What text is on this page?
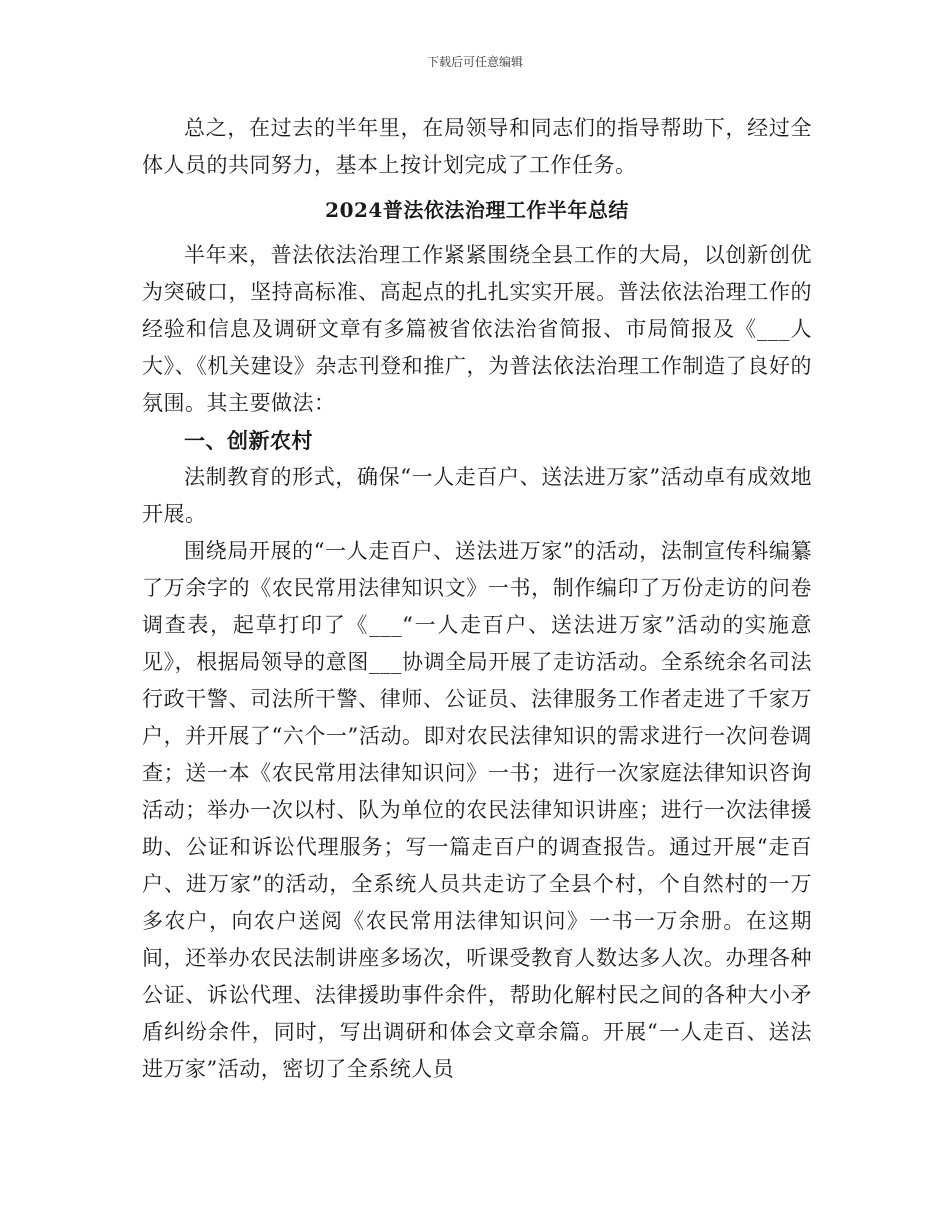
下载后可任意编辑

总之，在过去的半年里，在局领导和同志们的指导帮助下，经过全体人员的共同努力，基本上按计划完成了工作任务。

2024普法依法治理工作半年总结

半年来，普法依法治理工作紧紧围绕全县工作的大局，以创新创优为突破口，坚持高标准、高起点的扎扎实实开展。普法依法治理工作的经验和信息及调研文章有多篇被省依法治省简报、市局简报及《___人大》、《机关建设》杂志刊登和推广，为普法依法治理工作制造了良好的氛围。其主要做法：

一、创新农村

法制教育的形式，确保“一人走百户、送法进万家”活动卓有成效地开展。

围绕局开展的“一人走百户、送法进万家”的活动，法制宣传科编纂了万余字的《农民常用法律知识文》一书，制作编印了万份走访的问卷调查表，起草打印了《___“一人走百户、送法进万家”活动的实施意见》，根据局领导的意图___协调全局开展了走访活动。全系统余名司法行政干警、司法所干警、律师、公证员、法律服务工作者走进了千家万户，并开展了“六个一”活动。即对农民法律知识的需求进行一次问卷调查；送一本《农民常用法律知识问》一书；进行一次家庭法律知识咨询活动；举办一次以村、队为单位的农民法律知识讲座；进行一次法律援助、公证和诉讼代理服务；写一篇走百户的调查报告。通过开展“走百户、进万家”的活动，全系统人员共走访了全县个村，个自然村的一万多农户，向农户送阅《农民常用法律知识问》一书一万余册。在这期间，还举办农民法制讲座多场次，听课受教育人数达多人次。办理各种公证、诉讼代理、法律援助事件余件，帮助化解村民之间的各种大小矛盾纠纷余件，同时，写出调研和体会文章余篇。开展“一人走百、送法进万家”活动，密切了全系统人员
